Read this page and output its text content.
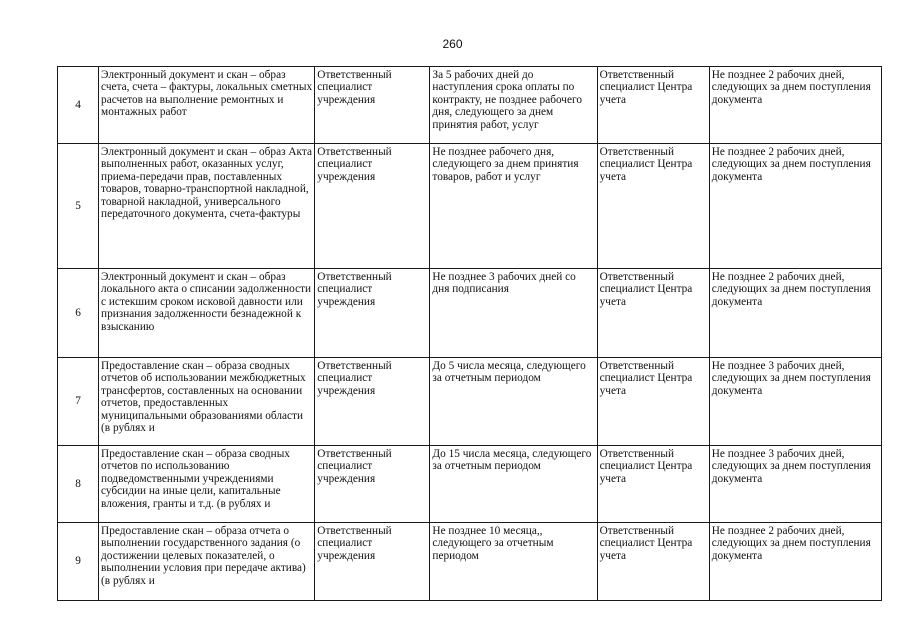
260
4	Электронный документ и скан – образ счета, счета – фактуры, локальных сметных расчетов на выполнение ремонтных и монтажных работ	Ответственный специалист учреждения	За 5 рабочих дней до наступления срока оплаты по контракту, не позднее рабочего дня, следующего за днем принятия работ, услуг	Ответственный специалист Центра учета	Не позднее 2 рабочих дней, следующих за днем поступления документа
5	Электронный документ и скан – образ Акта выполненных работ, оказанных услуг, приема-передачи прав, поставленных товаров, товарно-транспортной накладной, товарной накладной, универсального передаточного документа, счета-фактуры	Ответственный специалист учреждения	Не позднее рабочего дня, следующего за днем принятия товаров, работ и услуг	Ответственный специалист Центра учета	Не позднее 2 рабочих дней, следующих за днем поступления документа
6	Электронный документ и скан – образ локального акта о списании задолженности с истекшим сроком исковой давности или признания задолженности безнадежной к взысканию	Ответственный специалист учреждения	Не позднее 3 рабочих дней со дня подписания	Ответственный специалист Центра учета	Не позднее 2 рабочих дней, следующих за днем поступления документа
7	Предоставление скан – образа сводных отчетов об использовании межбюджетных трансфертов, составленных на основании отчетов, предоставленных муниципальными образованиями области (в рублях и	Ответственный специалист учреждения	До 5 числа месяца, следующего за отчетным периодом	Ответственный специалист Центра учета	Не позднее 3 рабочих дней, следующих за днем поступления документа
8	Предоставление скан – образа сводных отчетов по использованию подведомственными учреждениями субсидии на иные цели, капитальные вложения, гранты и т.д. (в рублях и	Ответственный специалист учреждения	До 15 числа месяца, следующего за отчетным периодом	Ответственный специалист Центра учета	Не позднее 3 рабочих дней, следующих за днем поступления документа
9	Предоставление скан – образа отчета о выполнении государственного задания (о достижении целевых показателей, о выполнении условия при передаче актива) (в рублях и	Ответственный специалист учреждения	Не позднее 10 месяца,, следующего за отчетным периодом	Ответственный специалист Центра учета	Не позднее 2 рабочих дней, следующих за днем поступления документа
